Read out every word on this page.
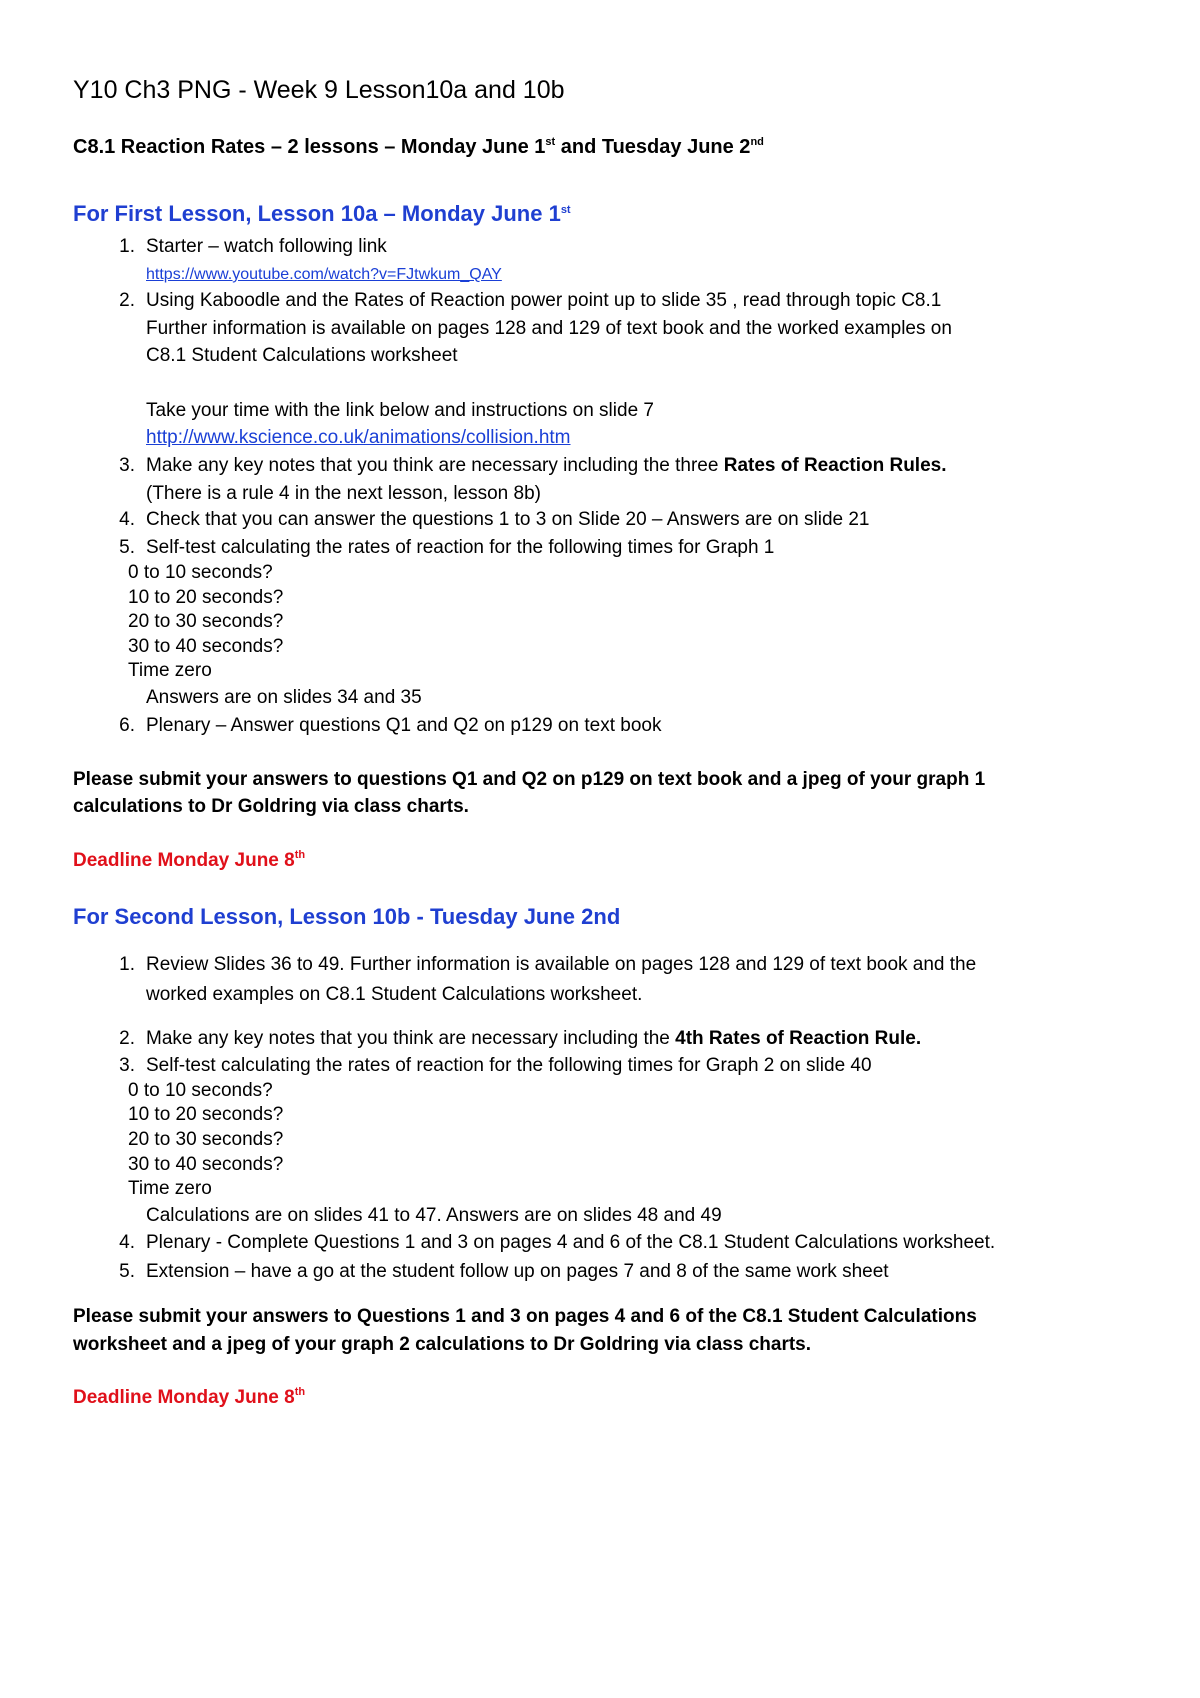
Y10 Ch3 PNG - Week 9 Lesson10a and 10b
C8.1 Reaction Rates – 2 lessons – Monday June 1st and Tuesday June 2nd
For First Lesson, Lesson 10a – Monday June 1st
1. Starter – watch following link
https://www.youtube.com/watch?v=FJtwkum_QAY
2. Using Kaboodle and the Rates of Reaction power point up to slide 35 , read through topic C8.1
Further information is available on pages 128 and 129 of text book and the worked examples on
C8.1 Student Calculations worksheet
Take your time with the link below and instructions on slide 7
http://www.kscience.co.uk/animations/collision.htm
3. Make any key notes that you think are necessary including the three Rates of Reaction Rules.
(There is a rule 4 in the next lesson, lesson 8b)
4. Check that you can answer the questions 1 to 3 on Slide 20 – Answers are on slide 21
5. Self-test calculating the rates of reaction for the following times for Graph 1
0 to 10 seconds?
10 to 20 seconds?
20 to 30 seconds?
30 to 40 seconds?
Time zero
Answers are on slides 34 and 35
6. Plenary – Answer questions Q1 and Q2 on p129 on text book
Please submit your answers to questions Q1 and Q2 on p129 on text book and a jpeg of your graph 1
calculations to Dr Goldring via class charts.
Deadline Monday June 8th
For Second Lesson, Lesson 10b - Tuesday June 2nd
1. Review Slides 36 to 49. Further information is available on pages 128 and 129 of text book and the
worked examples on C8.1 Student Calculations worksheet.
2. Make any key notes that you think are necessary including the 4th Rates of Reaction Rule.
3. Self-test calculating the rates of reaction for the following times for Graph 2 on slide 40
0 to 10 seconds?
10 to 20 seconds?
20 to 30 seconds?
30 to 40 seconds?
Time zero
Calculations are on slides 41 to 47. Answers are on slides 48 and 49
4. Plenary - Complete Questions 1 and 3 on pages 4 and 6 of the C8.1 Student Calculations worksheet.
5. Extension – have a go at the student follow up on pages 7 and 8 of the same work sheet
Please submit your answers to Questions 1 and 3 on pages 4 and 6 of the C8.1 Student Calculations
worksheet and a jpeg of your graph 2 calculations to Dr Goldring via class charts.
Deadline Monday June 8th
